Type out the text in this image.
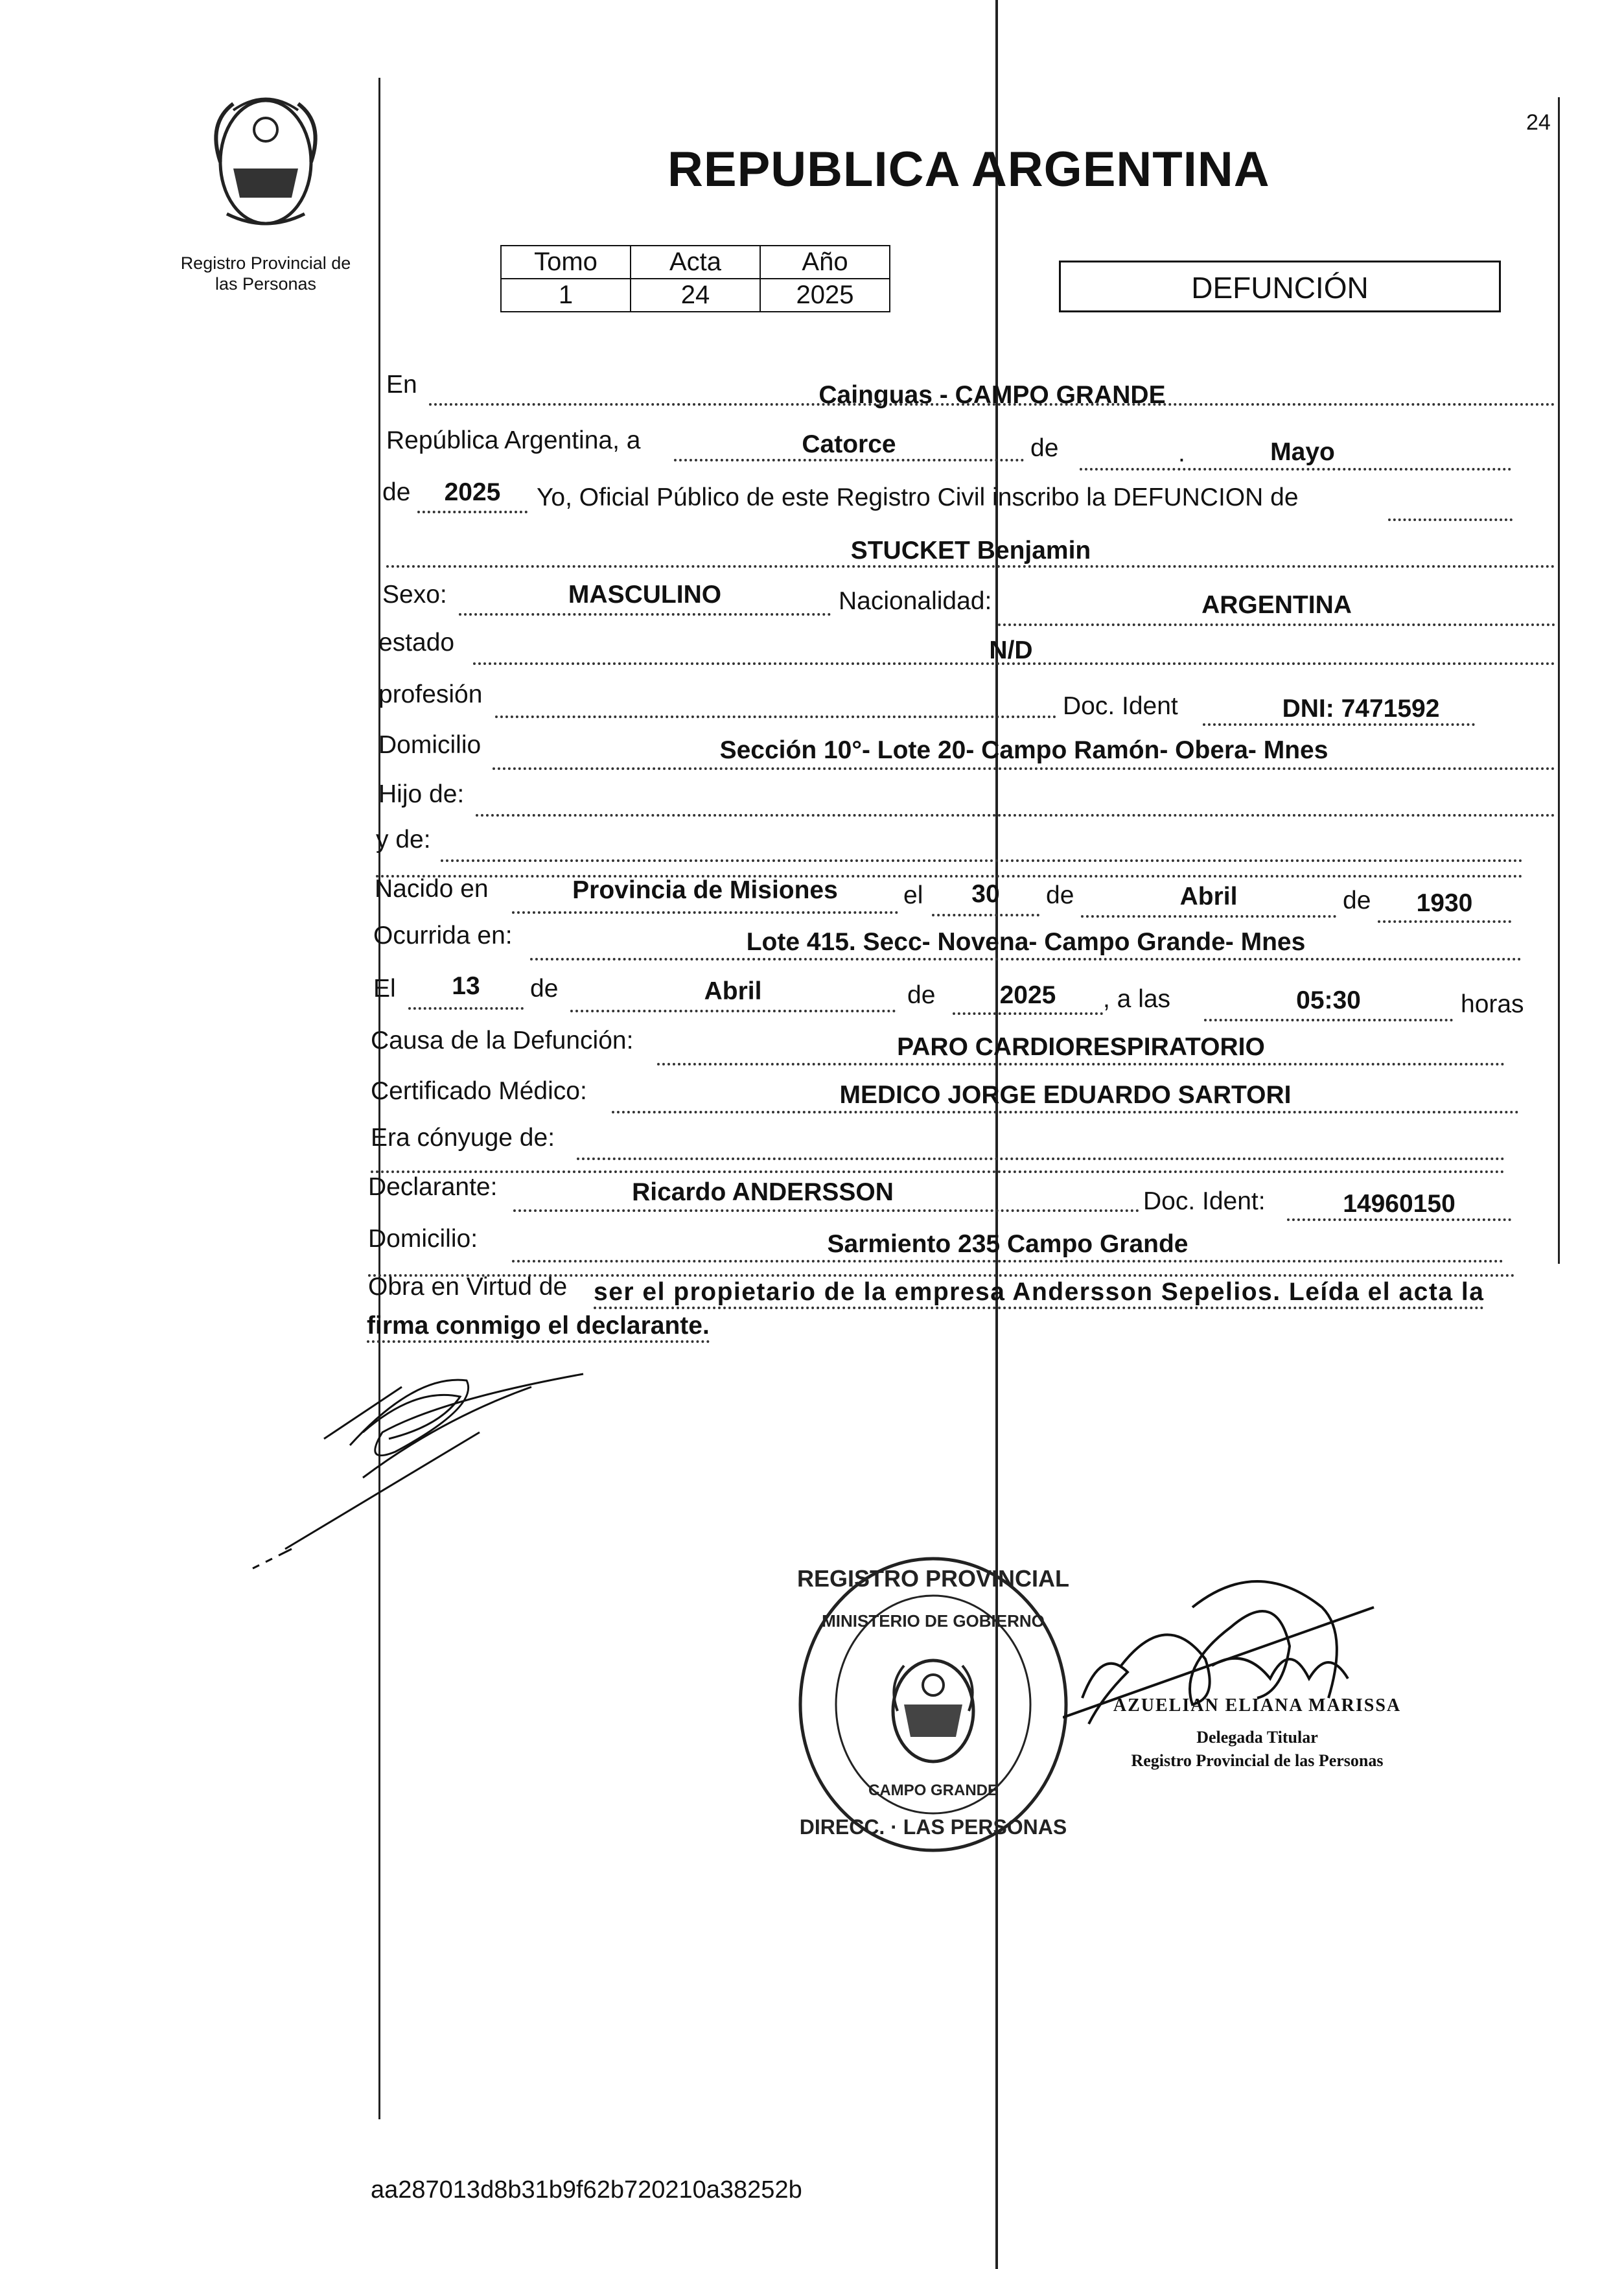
Registro Provincial de
las Personas
24
REPUBLICA ARGENTINA
Tomo	Acta	Año
1	24	2025	DEFUNCIÓN
En	Cainguas - CAMPO GRANDE
República Argentina, a	Catorce	de	.	Mayo
de	2025	Yo, Oficial Público de este Registro Civil inscribo la DEFUNCION de
STUCKET Benjamin
Sexo:	MASCULINO	Nacionalidad:	ARGENTINA
estado	N/D
profesión	Doc. Ident	DNI: 7471592
Domicilio	Sección 10°- Lote 20- Campo Ramón- Obera- Mnes
Hijo de:
y de:
Nacido en	Provincia de Misiones	el	30	de	Abril	de	1930
Ocurrida en:	Lote 415. Secc- Novena- Campo Grande- Mnes
El	13	de	Abril	de	2025	, a las	05:30	horas
Causa de la Defunción:	PARO CARDIORESPIRATORIO
Certificado Médico:	MEDICO JORGE EDUARDO SARTORI
Era cónyuge de:
Declarante:	Ricardo ANDERSSON	Doc. Ident:	14960150
Domicilio:	Sarmiento 235 Campo Grande
Obra en Virtud de ser el propietario de la empresa Andersson Sepelios. Leída el acta la
firma conmigo el declarante.
REGISTRO PROVINCIAL
MINISTERIO DE GOBIERNO
CAMPO GRANDE
DIRECC. · LAS PERSONAS
AZUELIAN ELIANA MARISSA
Delegada Titular
Registro Provincial de las Personas
aa287013d8b31b9f62b720210a38252b
